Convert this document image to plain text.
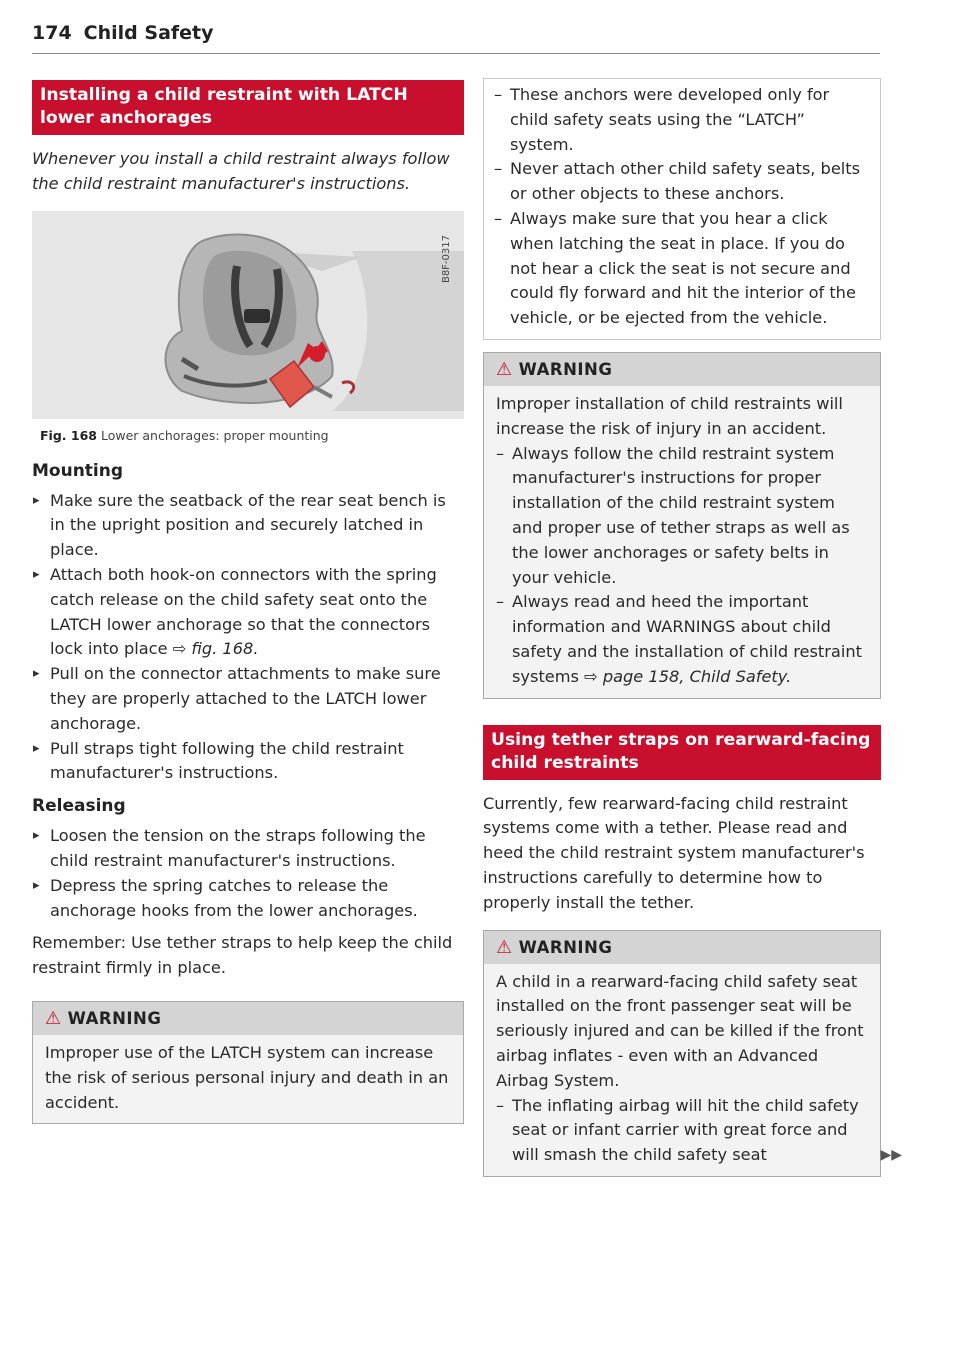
174 Child Safety
Installing a child restraint with LATCH lower anchorages

Whenever you install a child restraint always follow the child restraint manufacturer's instructions.

B8F-0317
Fig. 168 Lower anchorages: proper mounting
Mounting
▸ Make sure the seatback of the rear seat bench is in the upright position and securely latched in place.
▸ Attach both hook-on connectors with the spring catch release on the child safety seat onto the LATCH lower anchorage so that the connectors lock into place ⇨ fig. 168.
▸ Pull on the connector attachments to make sure they are properly attached to the LATCH lower anchorage.
▸ Pull straps tight following the child restraint manufacturer's instructions.
Releasing
▸ Loosen the tension on the straps following the child restraint manufacturer's instructions.
▸ Depress the spring catches to release the anchorage hooks from the lower anchorages.

Remember: Use tether straps to help keep the child restraint firmly in place.

⚠ WARNING

Improper use of the LATCH system can increase the risk of serious personal injury and death in an accident.

– These anchors were developed only for child safety seats using the “LATCH” system.
– Never attach other child safety seats, belts or other objects to these anchors.
– Always make sure that you hear a click when latching the seat in place. If you do not hear a click the seat is not secure and could fly forward and hit the interior of the vehicle, or be ejected from the vehicle.
⚠ WARNING

Improper installation of child restraints will increase the risk of injury in an accident.

– Always follow the child restraint system manufacturer's instructions for proper installation of the child restraint system and proper use of tether straps as well as the lower anchorages or safety belts in your vehicle.
– Always read and heed the important information and WARNINGS about child safety and the installation of child restraint systems ⇨ page 158, Child Safety.
Using tether straps on rearward-facing child restraints

Currently, few rearward-facing child restraint systems come with a tether. Please read and heed the child restraint system manufacturer's instructions carefully to determine how to properly install the tether.

⚠ WARNING

A child in a rearward-facing child safety seat installed on the front passenger seat will be seriously injured and can be killed if the front airbag inflates - even with an Advanced Airbag System.

– The inflating airbag will hit the child safety seat or infant carrier with great force and will smash the child safety seat	▶▶
